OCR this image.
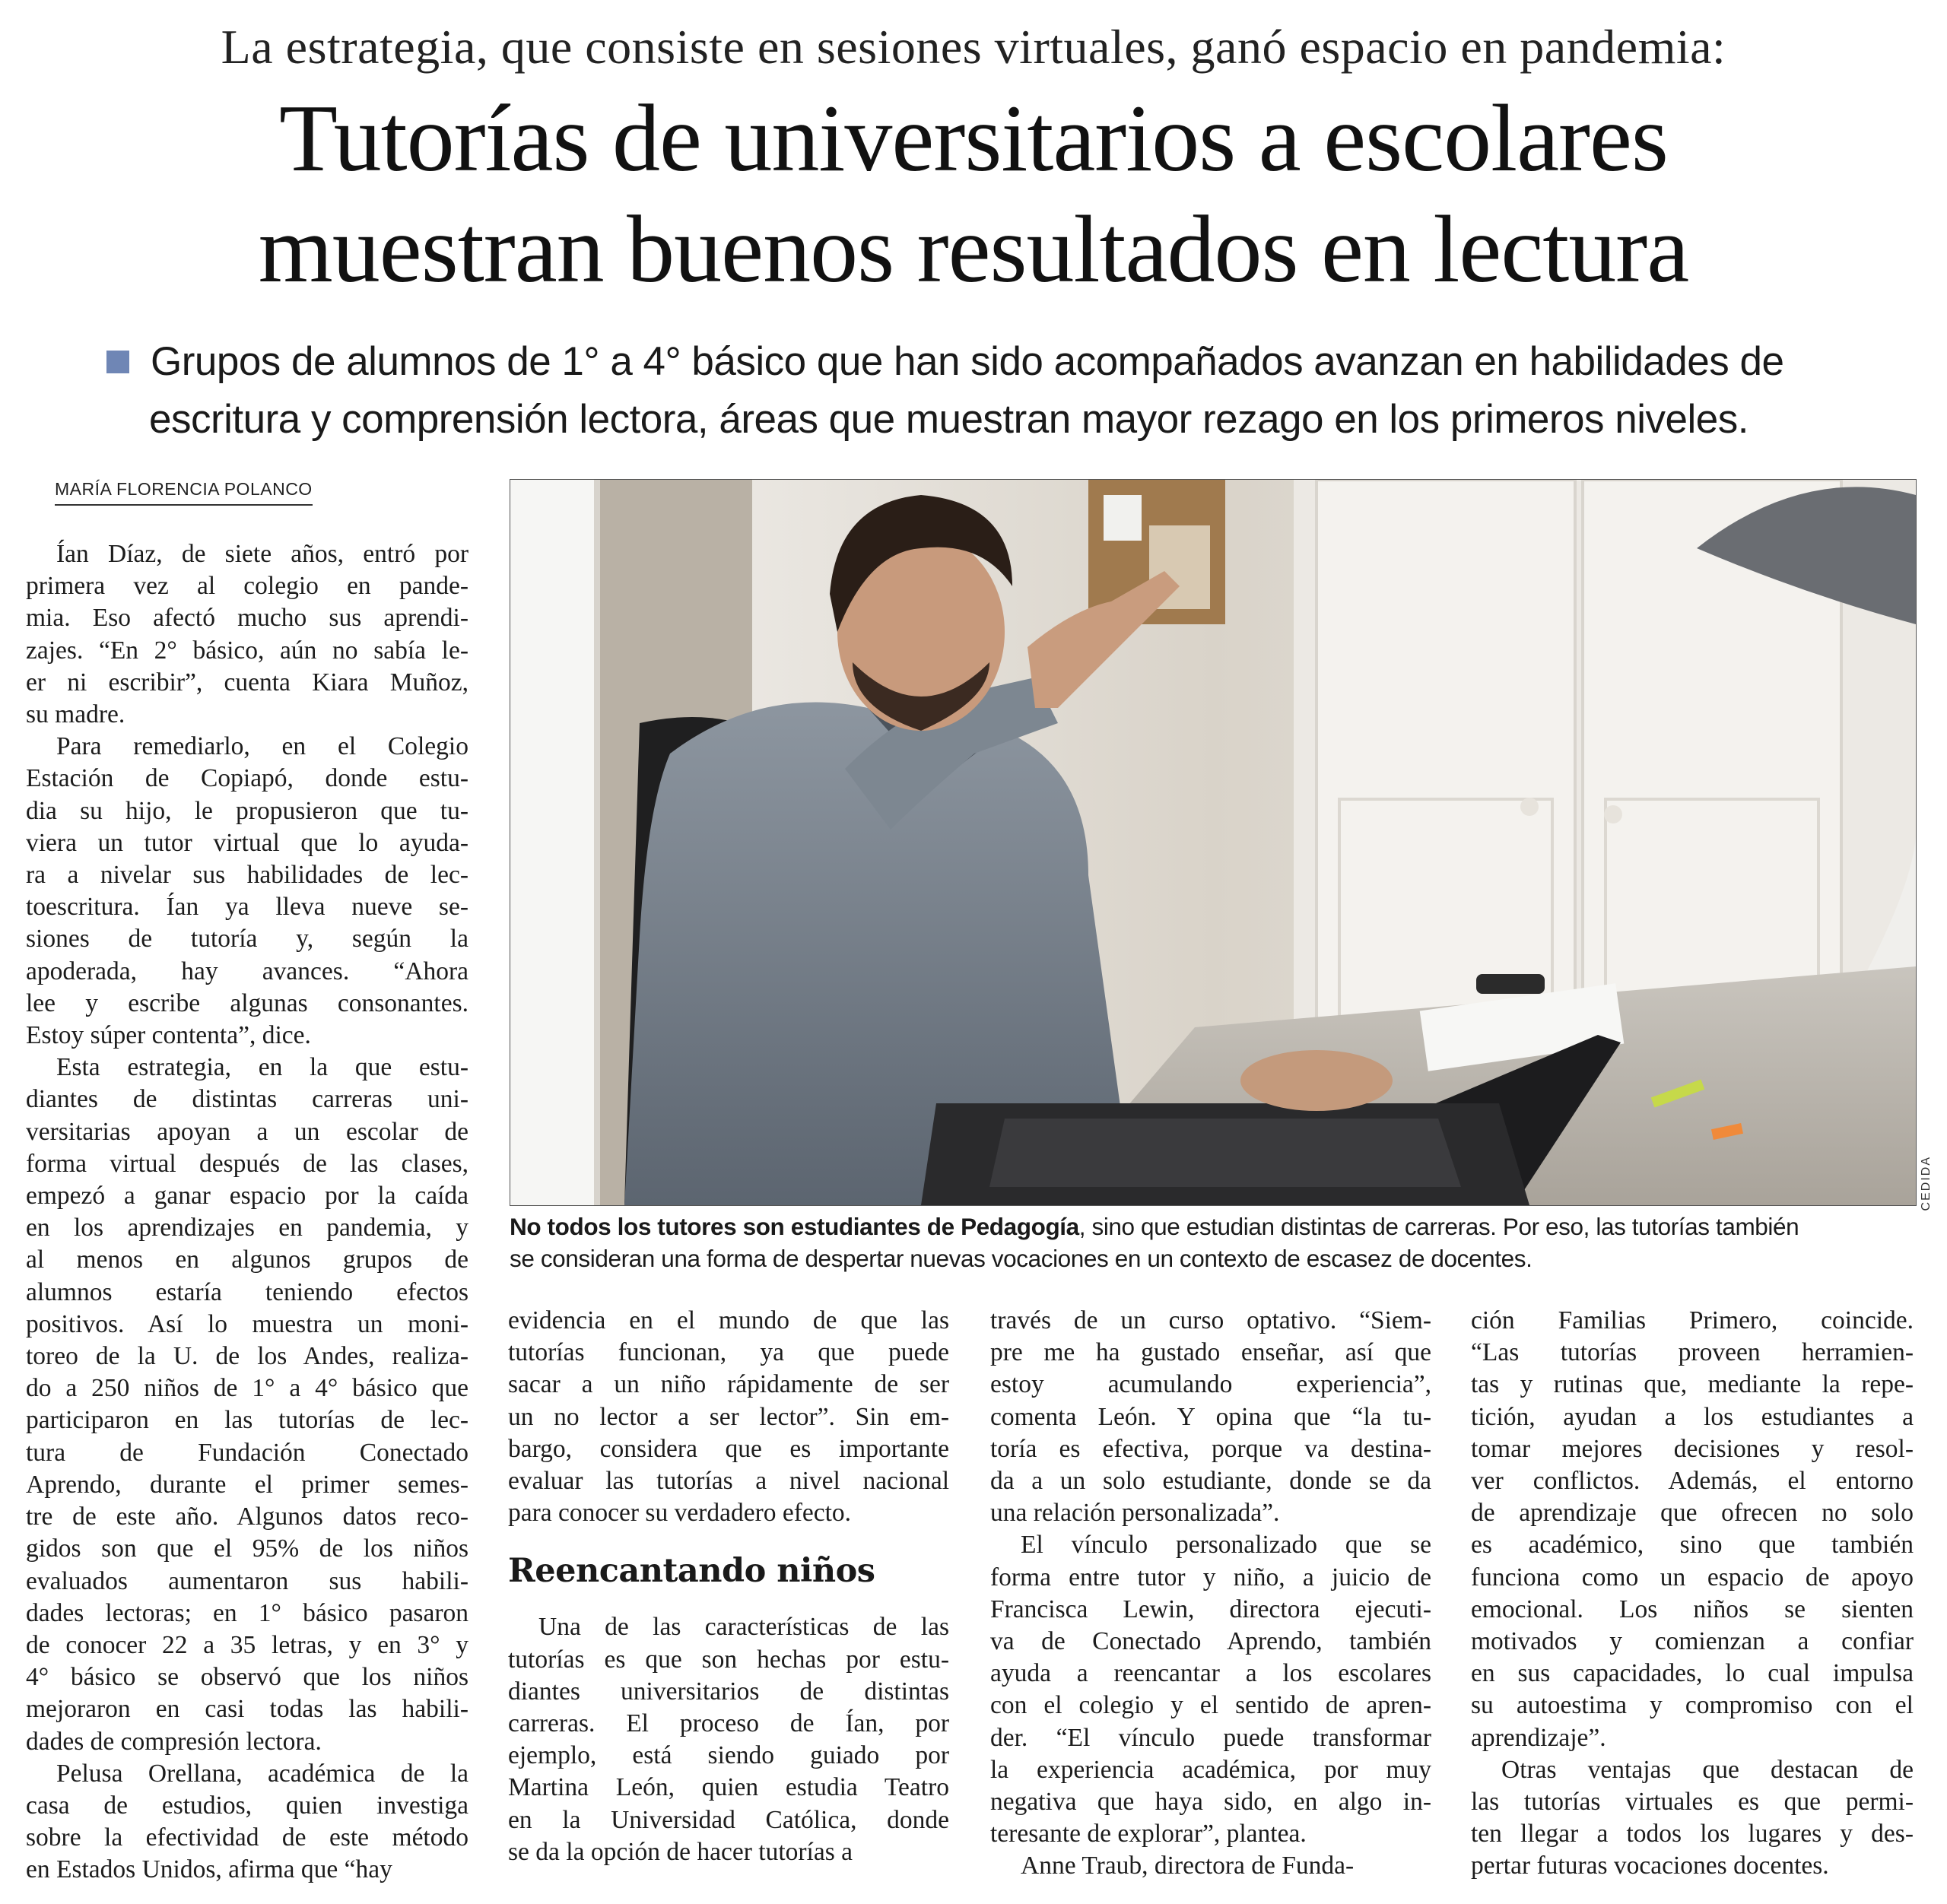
La estrategia, que consiste en sesiones virtuales, ganó espacio en pandemia:
Tutorías de universitarios a escolares
muestran buenos resultados en lectura
Grupos de alumnos de 1° a 4° básico que han sido acompañados avanzan en habilidades de
escritura y comprensión lectora, áreas que muestran mayor rezago en los primeros niveles.
MARÍA FLORENCIA POLANCO

Ían Díaz, de siete años, entró por
primera vez al colegio en pande-
mia. Eso afectó mucho sus aprendi-
zajes. “En 2° básico, aún no sabía le-
er ni escribir”, cuenta Kiara Muñoz,
su madre.

Para remediarlo, en el Colegio
Estación de Copiapó, donde estu-
dia su hijo, le propusieron que tu-
viera un tutor virtual que lo ayuda-
ra a nivelar sus habilidades de lec-
toescritura. Ían ya lleva nueve se-
siones de tutoría y, según la
apoderada, hay avances. “Ahora
lee y escribe algunas consonantes.
Estoy súper contenta”, dice.

Esta estrategia, en la que estu-
diantes de distintas carreras uni-
versitarias apoyan a un escolar de
forma virtual después de las clases,
empezó a ganar espacio por la caída
en los aprendizajes en pandemia, y
al menos en algunos grupos de
alumnos estaría teniendo efectos
positivos. Así lo muestra un moni-
toreo de la U. de los Andes, realiza-
do a 250 niños de 1° a 4° básico que
participaron en las tutorías de lec-
tura de Fundación Conectado
Aprendo, durante el primer semes-
tre de este año. Algunos datos reco-
gidos son que el 95% de los niños
evaluados aumentaron sus habili-
dades lectoras; en 1° básico pasaron
de conocer 22 a 35 letras, y en 3° y
4° básico se observó que los niños
mejoraron en casi todas las habili-
dades de compresión lectora.

Pelusa Orellana, académica de la
casa de estudios, quien investiga
sobre la efectividad de este método
en Estados Unidos, afirma que “hay

CEDIDA
No todos los tutores son estudiantes de Pedagogía, sino que estudian distintas de carreras. Por eso, las tutorías también
se consideran una forma de despertar nuevas vocaciones en un contexto de escasez de docentes.

evidencia en el mundo de que las
tutorías funcionan, ya que puede
sacar a un niño rápidamente de ser
un no lector a ser lector”. Sin em-
bargo, considera que es importante
evaluar las tutorías a nivel nacional
para conocer su verdadero efecto.

Reencantando niños

Una de las características de las
tutorías es que son hechas por estu-
diantes universitarios de distintas
carreras. El proceso de Ían, por
ejemplo, está siendo guiado por
Martina León, quien estudia Teatro
en la Universidad Católica, donde
se da la opción de hacer tutorías a

través de un curso optativo. “Siem-
pre me ha gustado enseñar, así que
estoy acumulando experiencia”,
comenta León. Y opina que “la tu-
toría es efectiva, porque va destina-
da a un solo estudiante, donde se da
una relación personalizada”.

El vínculo personalizado que se
forma entre tutor y niño, a juicio de
Francisca Lewin, directora ejecuti-
va de Conectado Aprendo, también
ayuda a reencantar a los escolares
con el colegio y el sentido de apren-
der. “El vínculo puede transformar
la experiencia académica, por muy
negativa que haya sido, en algo in-
teresante de explorar”, plantea.

Anne Traub, directora de Funda-

ción Familias Primero, coincide.
“Las tutorías proveen herramien-
tas y rutinas que, mediante la repe-
tición, ayudan a los estudiantes a
tomar mejores decisiones y resol-
ver conflictos. Además, el entorno
de aprendizaje que ofrecen no solo
es académico, sino que también
funciona como un espacio de apoyo
emocional. Los niños se sienten
motivados y comienzan a confiar
en sus capacidades, lo cual impulsa
su autoestima y compromiso con el
aprendizaje”.

Otras ventajas que destacan de
las tutorías virtuales es que permi-
ten llegar a todos los lugares y des-
pertar futuras vocaciones docentes.
